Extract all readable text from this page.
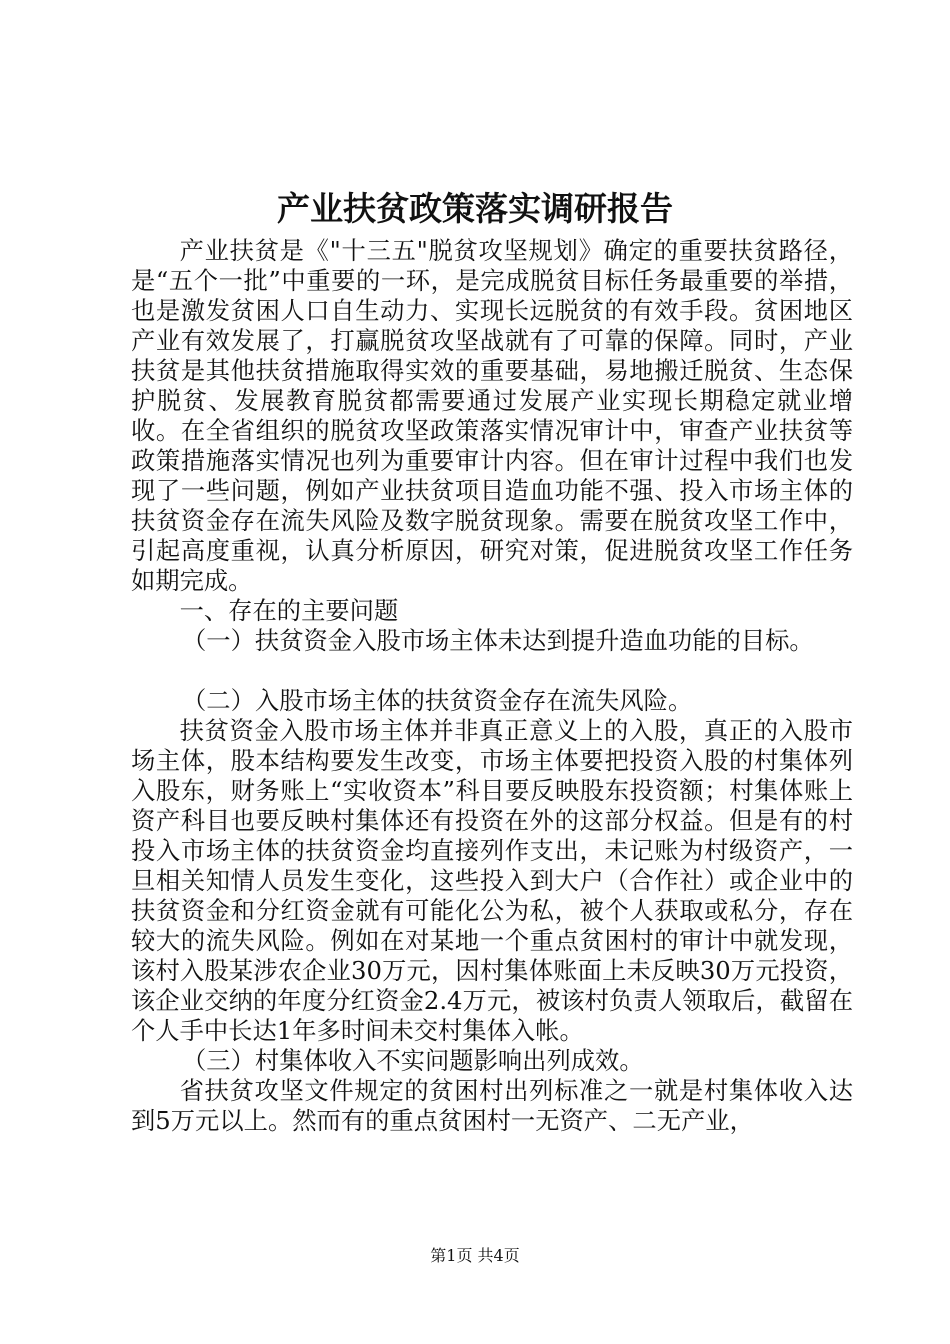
产业扶贫政策落实调研报告

产业扶贫是《"十三五"脱贫攻坚规划》确定的重要扶贫路径，是“五个一批”中重要的一环，是完成脱贫目标任务最重要的举措，也是激发贫困人口自生动力、实现长远脱贫的有效手段。贫困地区产业有效发展了，打赢脱贫攻坚战就有了可靠的保障。同时，产业扶贫是其他扶贫措施取得实效的重要基础，易地搬迁脱贫、生态保护脱贫、发展教育脱贫都需要通过发展产业实现长期稳定就业增收。在全省组织的脱贫攻坚政策落实情况审计中，审查产业扶贫等政策措施落实情况也列为重要审计内容。但在审计过程中我们也发现了一些问题，例如产业扶贫项目造血功能不强、投入市场主体的扶贫资金存在流失风险及数字脱贫现象。需要在脱贫攻坚工作中，引起高度重视，认真分析原因，研究对策，促进脱贫攻坚工作任务如期完成。

一、存在的主要问题

（一）扶贫资金入股市场主体未达到提升造血功能的目标。

（二）入股市场主体的扶贫资金存在流失风险。

扶贫资金入股市场主体并非真正意义上的入股，真正的入股市场主体，股本结构要发生改变，市场主体要把投资入股的村集体列入股东，财务账上“实收资本”科目要反映股东投资额；村集体账上资产科目也要反映村集体还有投资在外的这部分权益。但是有的村投入市场主体的扶贫资金均直接列作支出，未记账为村级资产，一旦相关知情人员发生变化，这些投入到大户（合作社）或企业中的扶贫资金和分红资金就有可能化公为私，被个人获取或私分，存在较大的流失风险。例如在对某地一个重点贫困村的审计中就发现，该村入股某涉农企业30万元，因村集体账面上未反映30万元投资，该企业交纳的年度分红资金2.4万元，被该村负责人领取后，截留在个人手中长达1年多时间未交村集体入帐。

（三）村集体收入不实问题影响出列成效。

省扶贫攻坚文件规定的贫困村出列标准之一就是村集体收入达到5万元以上。然而有的重点贫困村一无资产、二无产业，

第1页 共4页
